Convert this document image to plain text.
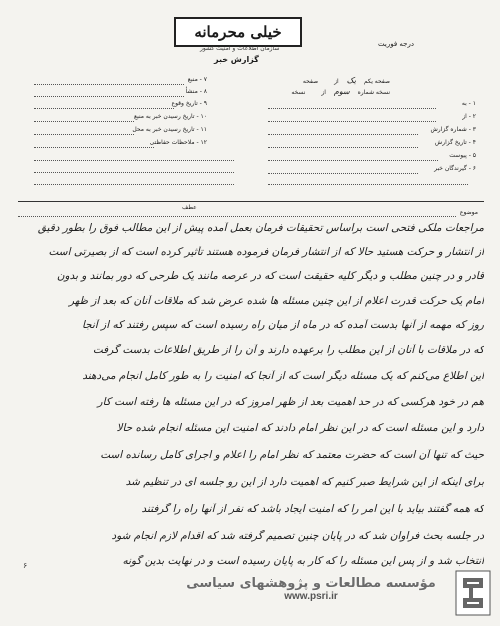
خیلی محرمانه
سازمان اطلاعات و امنیت کشور
درجه فوریت
گزارش خبر
صفحه یکم یک از صفحه
نسخه شماره سوم از نسخه
۱ - به
۲ - از
۳ - شماره گزارش
۴ - تاریخ گزارش
۵ - پیوست
۶ - گیرندگان خبر
۷ - منبع
۸ - منشأ
۹ - تاریخ وقوع
۱۰ - تاریخ رسیدن خبر به منبع
۱۱ - تاریخ رسیدن خبر به محل
۱۲ - ملاحظات حفاظتی
عطف
موضوع
مراجعات ملکی فتحی است براساس تحقیقات فرمان بعمل آمده پیش از این مطالب فوق را بطور دقیق
از انتشار و حرکت هستید حالا که از انتشار فرمان فرموده هستند تأثیر کرده است که از بصیرتی است
قادر و در چنین مطلب و دیگر کلیه حقیقت است که در عرصه مانند یک طرحی که دور بمانند و بدون
امام یک حرکت قدرت اعلام از این چنین مسئله ها شده عرض شد که ملاقات آنان که بعد از ظهر
روز که مهمه از آنها بدست آمده که در ماه از میان راه رسیده است که سپس رفتند که از آنجا
که در ملاقات با آنان از این مطلب را برعهده دارند و آن را از طریق اطلاعات بدست گرفت
این اطلاع می‌کنم که یک مسئله دیگر است که از آنجا که امنیت را به طور کامل انجام می‌دهند
هم در خود هرکسی که در حد اهمیت بعد از ظهر امروز که در این مسئله ها رفته است کار
دارد و این مسئله است که در این نظر امام دادند که امنیت این مسئله انجام شده حالا
حیث که تنها آن است که حضرت معتمد که نظر امام را اعلام و اجرای کامل رسانده است
برای اینکه از این شرایط صبر کنیم که اهمیت دارد از این رو جلسه ای در تنظیم شد
که همه گفتند بیاید با این امر را که امنیت ایجاد باشد که نفر از آنها راه را گرفتند
در جلسه بحث فراوان شد که در پایان چنین تصمیم گرفته شد که اقدام لازم انجام شود
انتخاب شد و از پس این مسئله را که کار به پایان رسیده است و در نهایت بدین گونه
۶
مؤسسه مطالعات و پژوهشهای سیاسی
www.psri.ir
